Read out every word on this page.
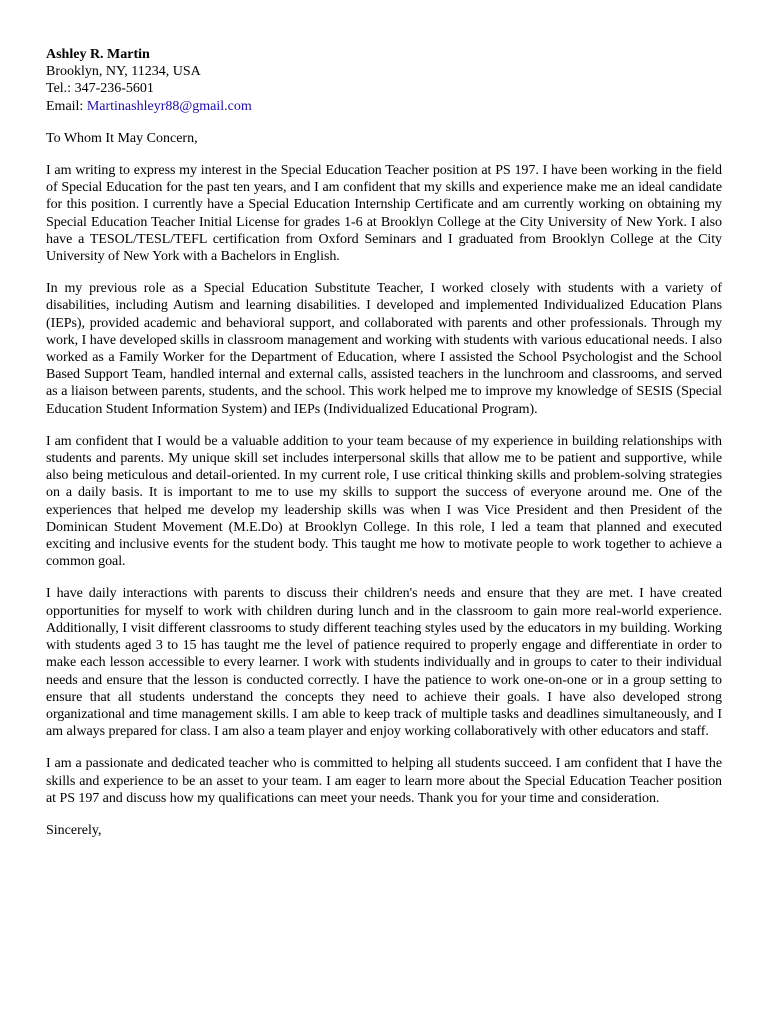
Ashley R. Martin

Brooklyn, NY, 11234, USA

Tel.: 347-236-5601

Email: Martinashleyr88@gmail.com

To Whom It May Concern,

I am writing to express my interest in the Special Education Teacher position at PS 197. I have been working in the field of Special Education for the past ten years, and I am confident that my skills and experience make me an ideal candidate for this position. I currently have a Special Education Internship Certificate and am currently working on obtaining my Special Education Teacher Initial License for grades 1-6 at Brooklyn College at the City University of New York. I also have a TESOL/TESL/TEFL certification from Oxford Seminars and I graduated from Brooklyn College at the City University of New York with a Bachelors in English.

In my previous role as a Special Education Substitute Teacher, I worked closely with students with a variety of disabilities, including Autism and learning disabilities. I developed and implemented Individualized Education Plans (IEPs), provided academic and behavioral support, and collaborated with parents and other professionals. Through my work, I have developed skills in classroom management and working with students with various educational needs. I also worked as a Family Worker for the Department of Education, where I assisted the School Psychologist and the School Based Support Team, handled internal and external calls, assisted teachers in the lunchroom and classrooms, and served as a liaison between parents, students, and the school. This work helped me to improve my knowledge of SESIS (Special Education Student Information System) and IEPs (Individualized Educational Program).

I am confident that I would be a valuable addition to your team because of my experience in building relationships with students and parents. My unique skill set includes interpersonal skills that allow me to be patient and supportive, while also being meticulous and detail-oriented. In my current role, I use critical thinking skills and problem-solving strategies on a daily basis. It is important to me to use my skills to support the success of everyone around me. One of the experiences that helped me develop my leadership skills was when I was Vice President and then President of the Dominican Student Movement (M.E.Do) at Brooklyn College. In this role, I led a team that planned and executed exciting and inclusive events for the student body. This taught me how to motivate people to work together to achieve a common goal.

I have daily interactions with parents to discuss their children's needs and ensure that they are met. I have created opportunities for myself to work with children during lunch and in the classroom to gain more real-world experience. Additionally, I visit different classrooms to study different teaching styles used by the educators in my building. Working with students aged 3 to 15 has taught me the level of patience required to properly engage and differentiate in order to make each lesson accessible to every learner. I work with students individually and in groups to cater to their individual needs and ensure that the lesson is conducted correctly. I have the patience to work one-on-one or in a group setting to ensure that all students understand the concepts they need to achieve their goals. I have also developed strong organizational and time management skills. I am able to keep track of multiple tasks and deadlines simultaneously, and I am always prepared for class. I am also a team player and enjoy working collaboratively with other educators and staff.

I am a passionate and dedicated teacher who is committed to helping all students succeed. I am confident that I have the skills and experience to be an asset to your team. I am eager to learn more about the Special Education Teacher position at PS 197 and discuss how my qualifications can meet your needs. Thank you for your time and consideration.

Sincerely,
